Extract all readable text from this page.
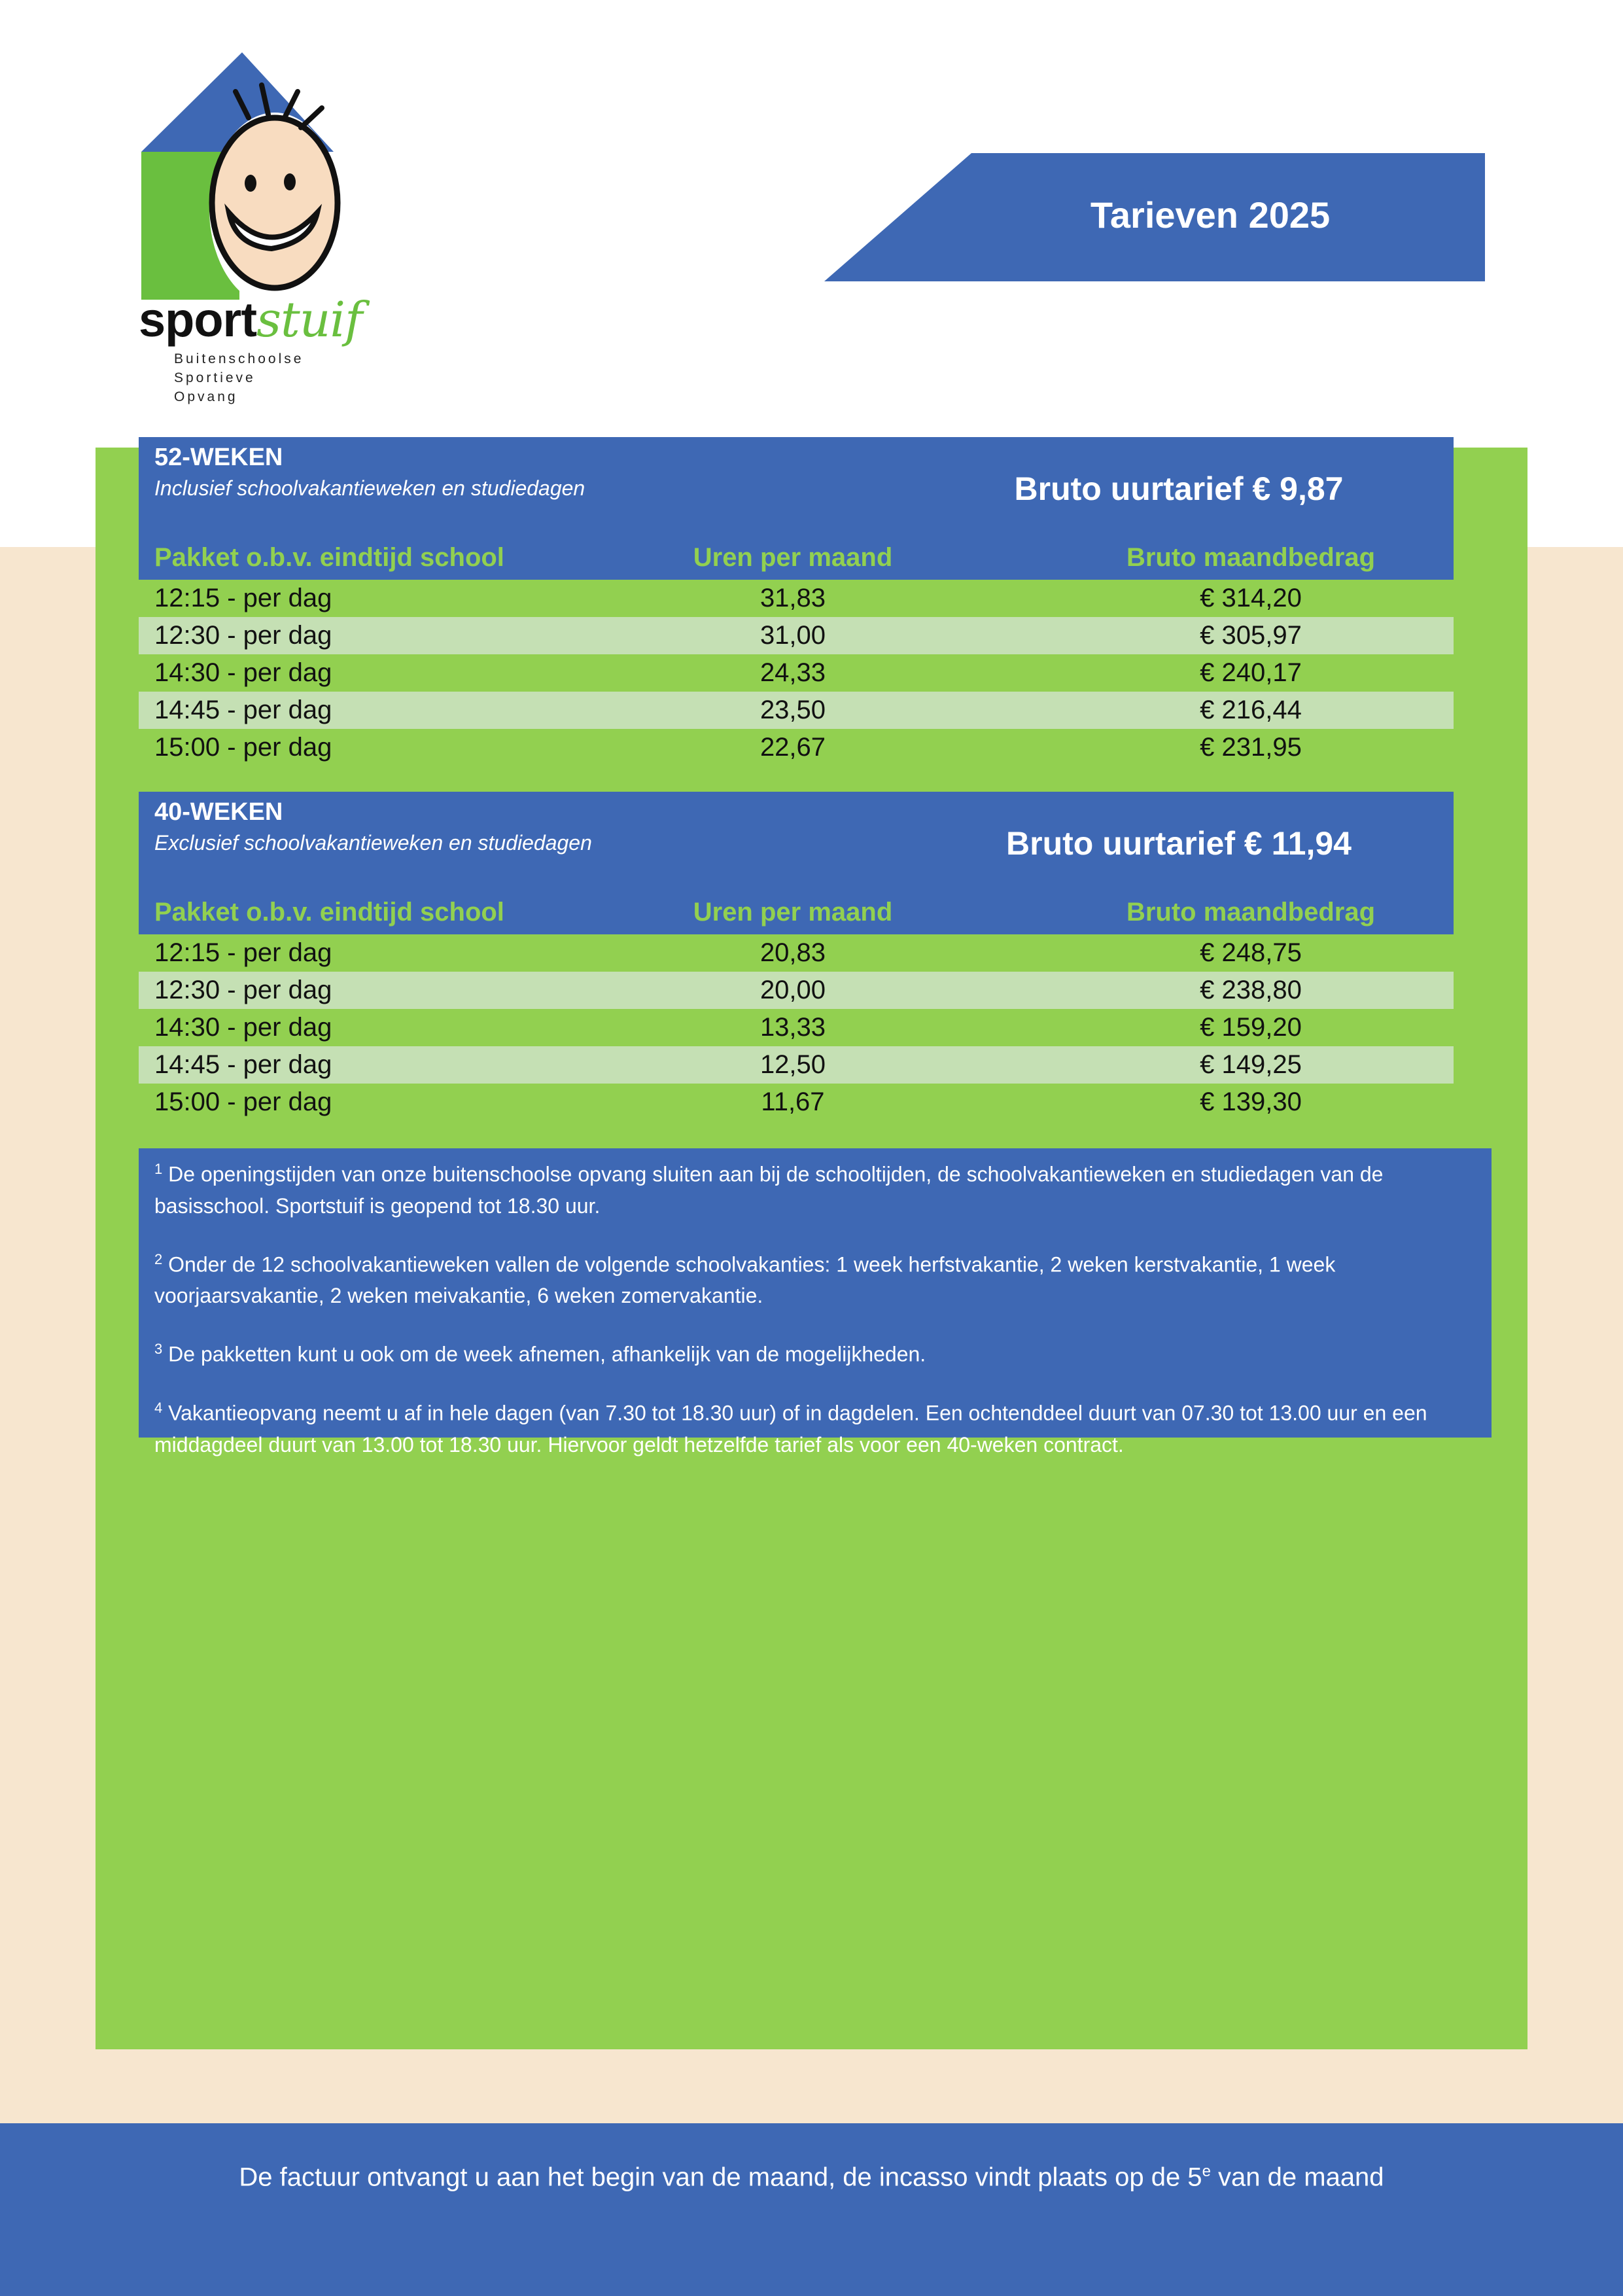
sportstuif
Buitenschoolse
Sportieve
Opvang
Tarieven 2025
52-WEKEN
Inclusief schoolvakantieweken en studiedagen	Bruto uurtarief € 9,87
Pakket o.b.v. eindtijd school	Uren per maand	Bruto maandbedrag
12:15 - per dag	31,83	€ 314,20
12:30 - per dag	31,00	€ 305,97
14:30 - per dag	24,33	€ 240,17
14:45 - per dag	23,50	€ 216,44
15:00 - per dag	22,67	€ 231,95
40-WEKEN
Exclusief schoolvakantieweken en studiedagen	Bruto uurtarief € 11,94
Pakket o.b.v. eindtijd school	Uren per maand	Bruto maandbedrag
12:15 - per dag	20,83	€ 248,75
12:30 - per dag	20,00	€ 238,80
14:30 - per dag	13,33	€ 159,20
14:45 - per dag	12,50	€ 149,25
15:00 - per dag	11,67	€ 139,30

$^1$ De openingstijden van onze buitenschoolse opvang sluiten aan bij de schooltijden, de schoolvakantieweken en studiedagen van de basisschool. Sportstuif is geopend tot 18.30 uur.

$^2$ Onder de 12 schoolvakantieweken vallen de volgende schoolvakanties: 1 week herfstvakantie, 2 weken kerstvakantie, 1 week voorjaarsvakantie, 2 weken meivakantie, 6 weken zomervakantie.

$^3$ De pakketten kunt u ook om de week afnemen, afhankelijk van de mogelijkheden.

$^4$ Vakantieopvang neemt u af in hele dagen (van 7.30 tot 18.30 uur) of in dagdelen. Een ochtenddeel duurt van 07.30 tot 13.00 uur en een middagdeel duurt van 13.00 tot 18.30 uur. Hiervoor geldt hetzelfde tarief als voor een 40-weken contract.

De factuur ontvangt u aan het begin van de maand, de incasso vindt plaats op de 5e van de maand
